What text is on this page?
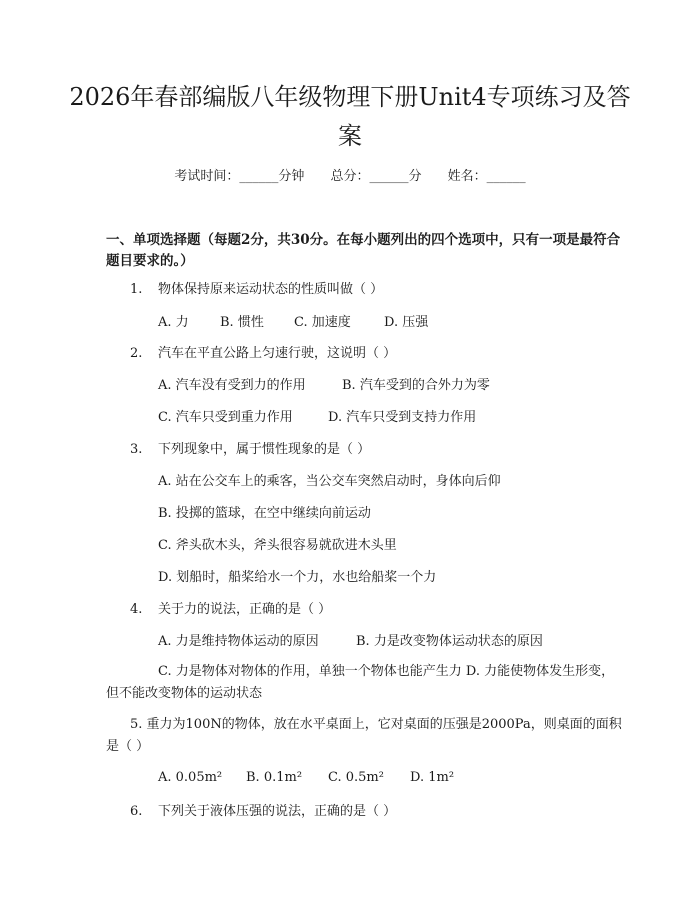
2026年春部编版八年级物理下册Unit4专项练习及答案
考试时间：______分钟 总分：______分 姓名：______
一、单项选择题（每题2分，共30分。在每小题列出的四个选项中，只有一项是最符合题目要求的。）
1. 物体保持原来运动状态的性质叫做（ ）
A. 力 B. 惯性 C. 加速度	D. 压强
2. 汽车在平直公路上匀速行驶，这说明（ ）
A. 汽车没有受到力的作用	B. 汽车受到的合外力为零
C. 汽车只受到重力作用	D. 汽车只受到支持力作用
3. 下列现象中，属于惯性现象的是（ ）
A. 站在公交车上的乘客，当公交车突然启动时，身体向后仰
B. 投掷的篮球，在空中继续向前运动
C. 斧头砍木头，斧头很容易就砍进木头里
D. 划船时，船桨给水一个力，水也给船桨一个力
4. 关于力的说法，正确的是（ ）
A. 力是维持物体运动的原因	B. 力是改变物体运动状态的原因
C. 力是物体对物体的作用，单独一个物体也能产生力 D. 力能使物体发生形变，但不能改变物体的运动状态
5. 重力为100N的物体，放在水平桌面上，它对桌面的压强是2000Pa，则桌面的面积是（ ）
A. 0.05m² B. 0.1m² C. 0.5m² D. 1m²
6. 下列关于液体压强的说法，正确的是（ ）
